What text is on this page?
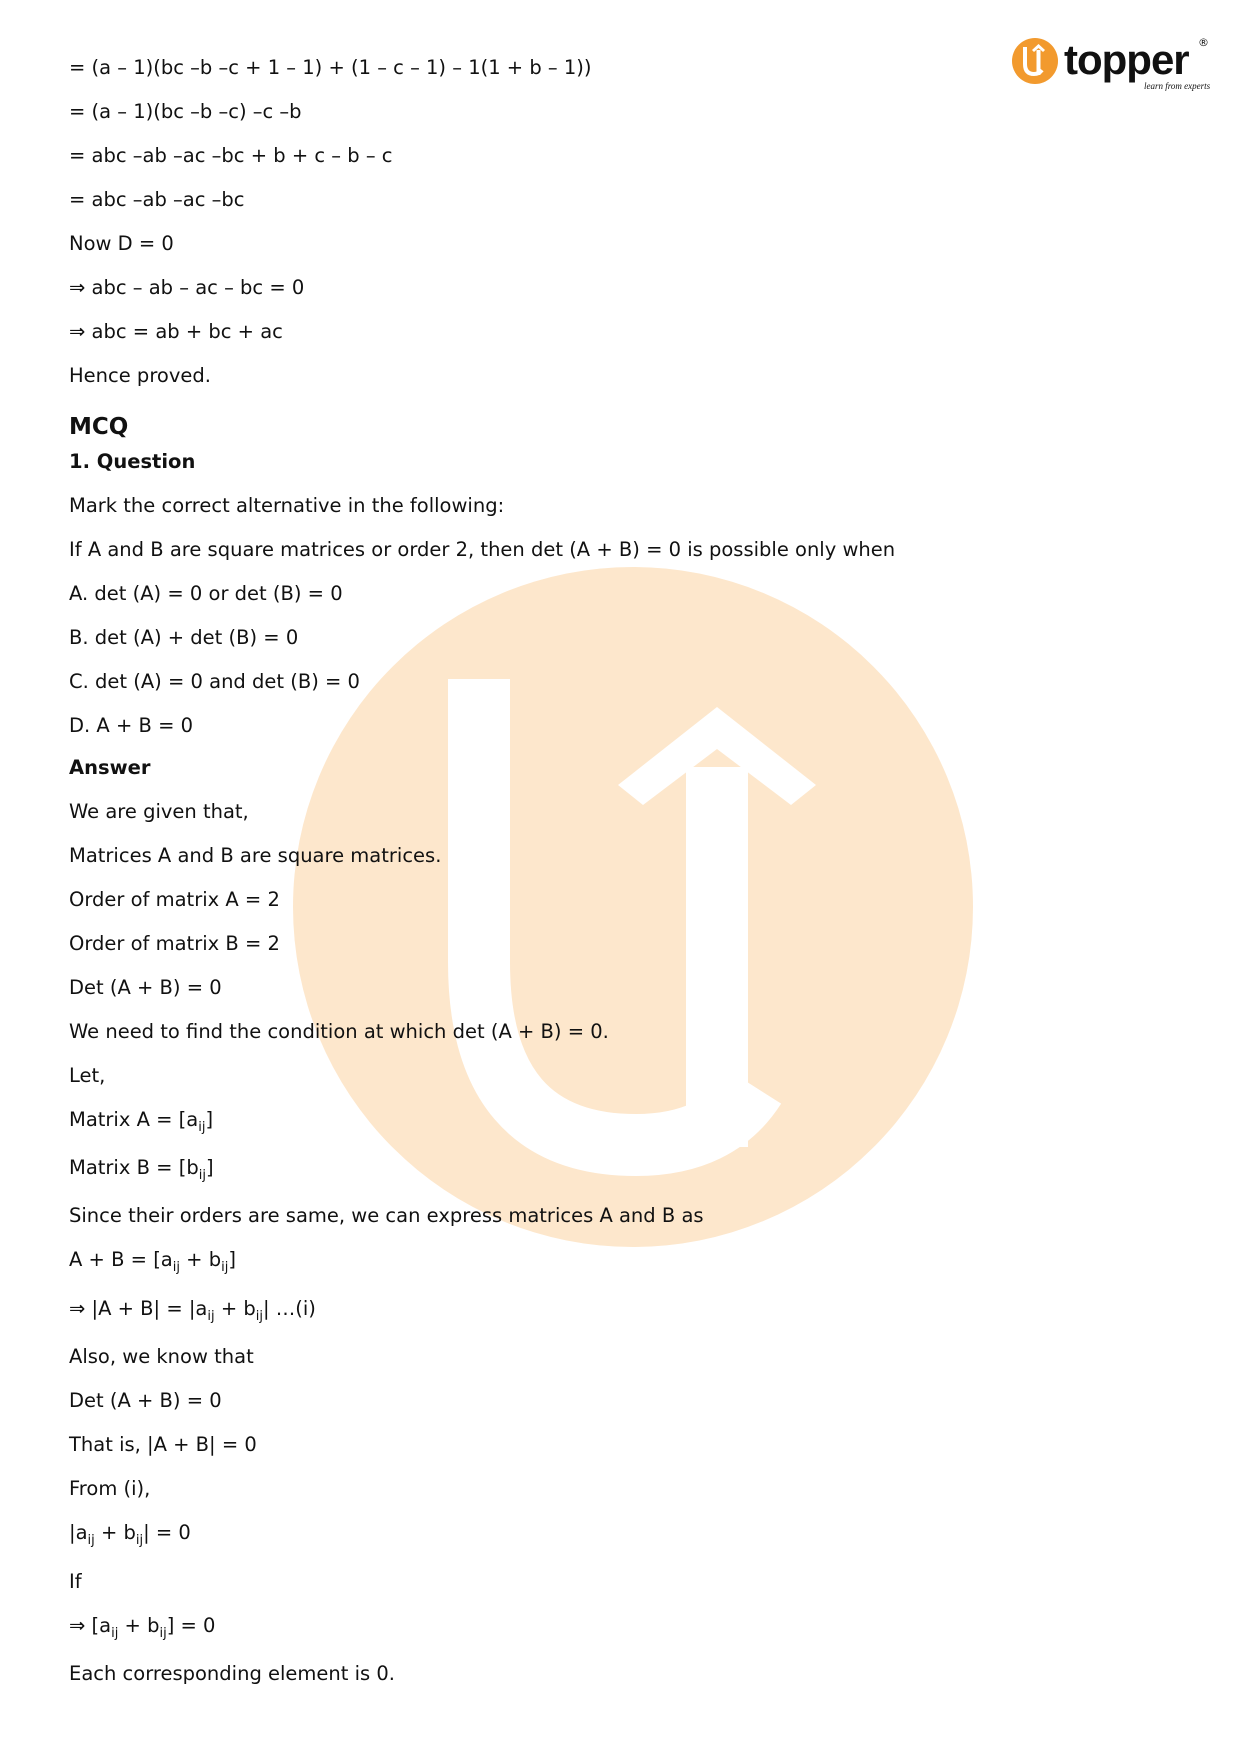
topper
learn from experts
®
= (a – 1)(bc –b –c + 1 – 1) + (1 – c – 1) – 1(1 + b – 1))
= (a – 1)(bc –b –c) –c –b
= abc –ab –ac –bc + b + c – b – c
= abc –ab –ac –bc
Now D = 0
⇒ abc – ab – ac – bc = 0
⇒ abc = ab + bc + ac
Hence proved.
MCQ
1. Question
Mark the correct alternative in the following:
If A and B are square matrices or order 2, then det (A + B) = 0 is possible only when
A. det (A) = 0 or det (B) = 0
B. det (A) + det (B) = 0
C. det (A) = 0 and det (B) = 0
D. A + B = 0
Answer
We are given that,
Matrices A and B are square matrices.
Order of matrix A = 2
Order of matrix B = 2
Det (A + B) = 0
We need to find the condition at which det (A + B) = 0.
Let,
Matrix $A = [a_{ij}]$
Matrix $B = [b_{ij}]$
Since their orders are same, we can express matrices A and B as
$A + B = [a_{ij} + b_{ij}]$
⇒ $|A + B| = |a_{ij} + b_{ij}|$ …(i)
Also, we know that
Det (A + B) = 0
That is, |A + B| = 0
From (i),
$|a_{ij} + b_{ij}| = 0$
If
⇒ $[a_{ij} + b_{ij}] = 0$
Each corresponding element is 0.
